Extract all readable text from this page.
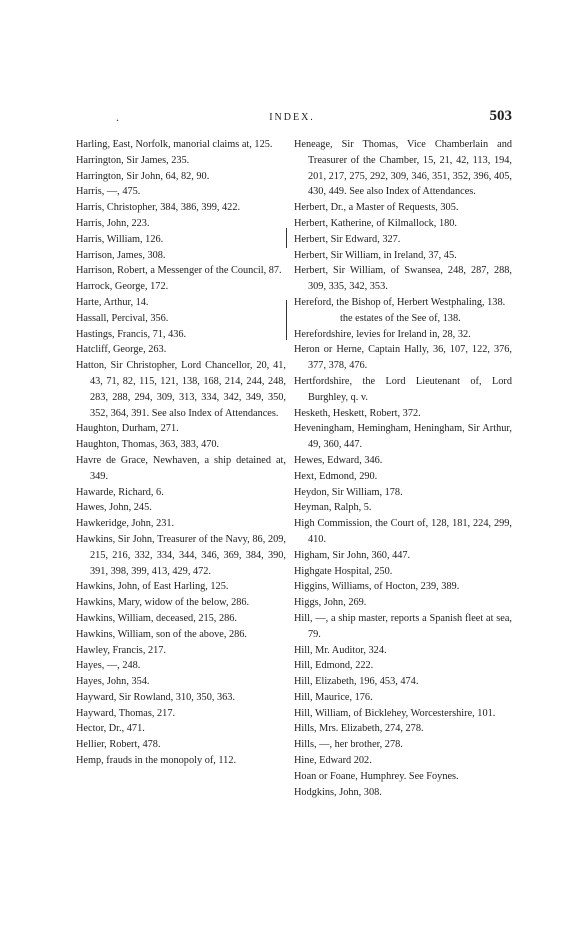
.	INDEX.	503

Harling, East, Norfolk, manorial claims at, 125.

Harrington, Sir James, 235.

Harrington, Sir John, 64, 82, 90.

Harris, —, 475.

Harris, Christopher, 384, 386, 399, 422.

Harris, John, 223.

Harris, William, 126.

Harrison, James, 308.

Harrison, Robert, a Messenger of the Council, 87.

Harrock, George, 172.

Harte, Arthur, 14.

Hassall, Percival, 356.

Hastings, Francis, 71, 436.

Hatcliff, George, 263.

Hatton, Sir Christopher, Lord Chancellor, 20, 41, 43, 71, 82, 115, 121, 138, 168, 214, 244, 248, 283, 288, 294, 309, 313, 334, 342, 349, 350, 352, 364, 391. See also Index of Attendances.

Haughton, Durham, 271.

Haughton, Thomas, 363, 383, 470.

Havre de Grace, Newhaven, a ship detained at, 349.

Hawarde, Richard, 6.

Hawes, John, 245.

Hawkeridge, John, 231.

Hawkins, Sir John, Treasurer of the Navy, 86, 209, 215, 216, 332, 334, 344, 346, 369, 384, 390, 391, 398, 399, 413, 429, 472.

Hawkins, John, of East Harling, 125.

Hawkins, Mary, widow of the below, 286.

Hawkins, William, deceased, 215, 286.

Hawkins, William, son of the above, 286.

Hawley, Francis, 217.

Hayes, —, 248.

Hayes, John, 354.

Hayward, Sir Rowland, 310, 350, 363.

Hayward, Thomas, 217.

Hector, Dr., 471.

Hellier, Robert, 478.

Hemp, frauds in the monopoly of, 112.

Heneage, Sir Thomas, Vice Chamberlain and Treasurer of the Chamber, 15, 21, 42, 113, 194, 201, 217, 275, 292, 309, 346, 351, 352, 396, 405, 430, 449. See also Index of Attendances.

Herbert, Dr., a Master of Requests, 305.

Herbert, Katherine, of Kilmallock, 180.

Herbert, Sir Edward, 327.

Herbert, Sir William, in Ireland, 37, 45.

Herbert, Sir William, of Swansea, 248, 287, 288, 309, 335, 342, 353.

Hereford, the Bishop of, Herbert Westphaling, 138.

the estates of the See of, 138.

Herefordshire, levies for Ireland in, 28, 32.

Heron or Herne, Captain Hally, 36, 107, 122, 376, 377, 378, 476.

Hertfordshire, the Lord Lieutenant of, Lord Burghley, q. v.

Hesketh, Heskett, Robert, 372.

Heveningham, Hemingham, Heningham, Sir Arthur, 49, 360, 447.

Hewes, Edward, 346.

Hext, Edmond, 290.

Heydon, Sir William, 178.

Heyman, Ralph, 5.

High Commission, the Court of, 128, 181, 224, 299, 410.

Higham, Sir John, 360, 447.

Highgate Hospital, 250.

Higgins, Williams, of Hocton, 239, 389.

Higgs, John, 269.

Hill, —, a ship master, reports a Spanish fleet at sea, 79.

Hill, Mr. Auditor, 324.

Hill, Edmond, 222.

Hill, Elizabeth, 196, 453, 474.

Hill, Maurice, 176.

Hill, William, of Bicklehey, Worcestershire, 101.

Hills, Mrs. Elizabeth, 274, 278.

Hills, —, her brother, 278.

Hine, Edward 202.

Hoan or Foane, Humphrey. See Foynes.

Hodgkins, John, 308.
